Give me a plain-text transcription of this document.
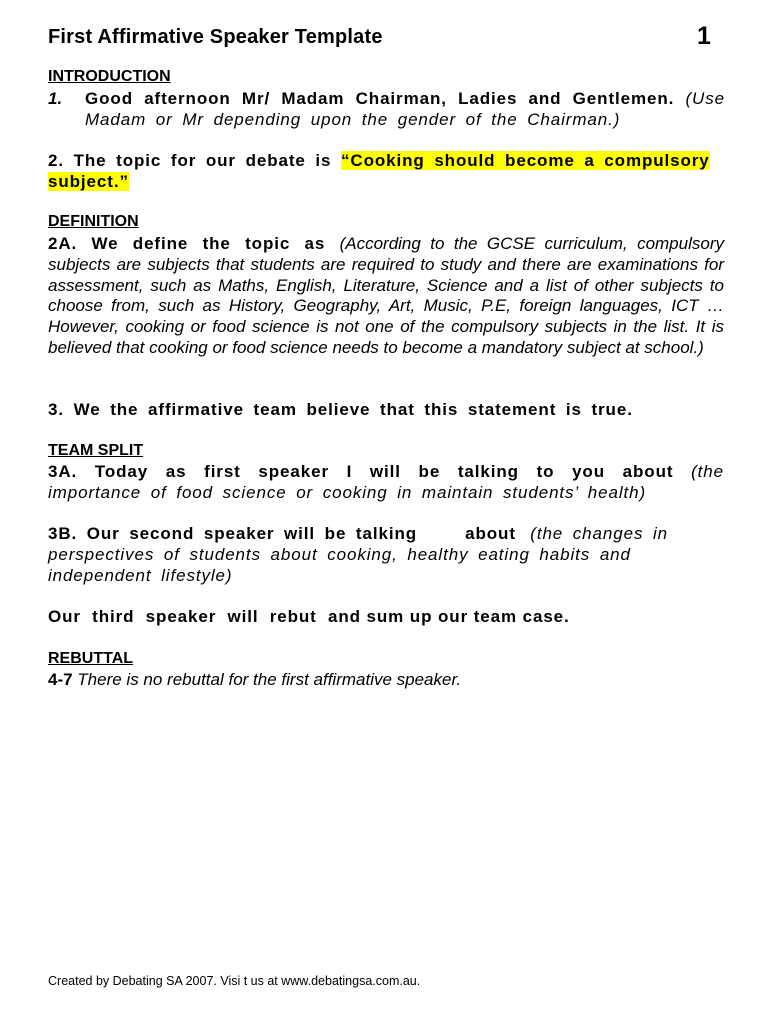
First Affirmative Speaker Template	1
INTRODUCTION
1. Good afternoon Mr/ Madam Chairman, Ladies and Gentlemen. (Use Madam or Mr depending upon the gender of the Chairman.)
2. The topic for our debate is “Cooking should become a compulsory subject.”
DEFINITION
2A. We define the topic as (According to the GCSE curriculum, compulsory subjects are subjects that students are required to study and there are examinations for assessment, such as Maths, English, Literature, Science and a list of other subjects to choose from, such as History, Geography, Art, Music, P.E, foreign languages, ICT … However, cooking or food science is not one of the compulsory subjects in the list. It is believed that cooking or food science needs to become a mandatory subject at school.)
3. We the affirmative team believe that this statement is true.
TEAM SPLIT
3A. Today as first speaker I will be talking to you about (the importance of food science or cooking in maintain students’ health)
3B. Our second speaker will be talking     about  (the changes in perspectives of students about cooking, healthy eating habits and independent lifestyle)
Our  third  speaker  will  rebut  and sum up our team case.
REBUTTAL
4-7 There is no rebuttal for the first affirmative speaker.
Created by Debating SA 2007. Visi t us at www.debatingsa.com.au.
